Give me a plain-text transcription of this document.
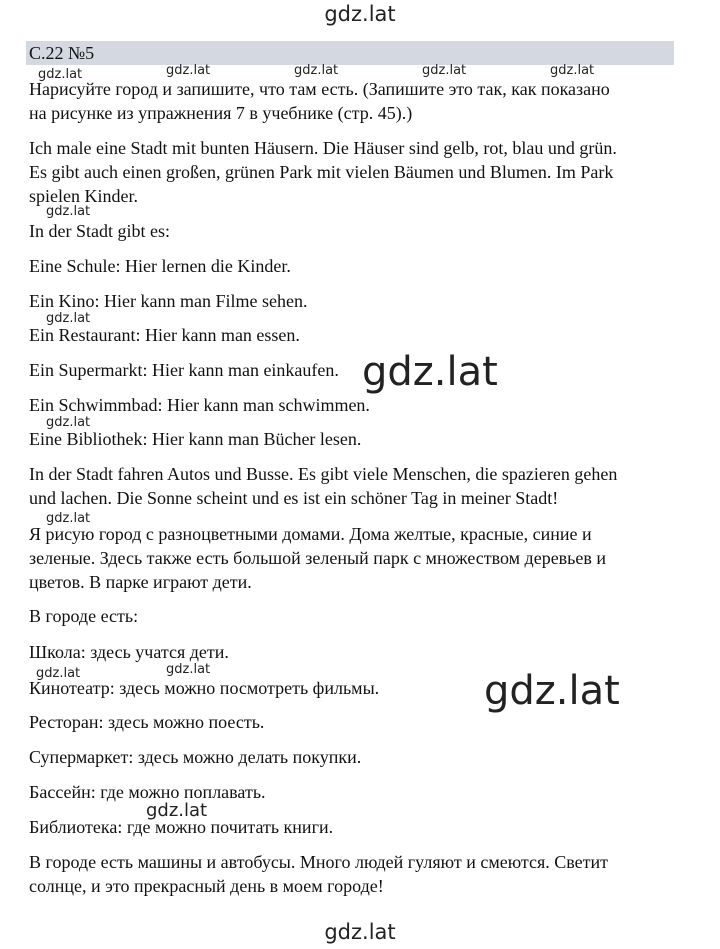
gdz.lat
С.22 №5
gdz.lat	gdz.lat	gdz.lat	gdz.lat	gdz.lat

Нарисуйте город и запишите, что там есть. (Запишите это так, как показано

на рисунке из упражнения 7 в учебнике (стр. 45).)

Ich male eine Stadt mit bunten Häusern. Die Häuser sind gelb, rot, blau und grün.

Es gibt auch einen großen, grünen Park mit vielen Bäumen und Blumen. Im Park

spielen Kinder.

gdz.lat

In der Stadt gibt es:

Eine Schule: Hier lernen die Kinder.

Ein Kino: Hier kann man Filme sehen.

gdz.lat

Ein Restaurant: Hier kann man essen.

Ein Supermarkt: Hier kann man einkaufen.

Ein Schwimmbad: Hier kann man schwimmen.

gdz.lat

Eine Bibliothek: Hier kann man Bücher lesen.

gdz.lat

In der Stadt fahren Autos und Busse. Es gibt viele Menschen, die spazieren gehen

und lachen. Die Sonne scheint und es ist ein schöner Tag in meiner Stadt!

gdz.lat

Я рисую город с разноцветными домами. Дома желтые, красные, синие и

зеленые. Здесь также есть большой зеленый парк с множеством деревьев и

цветов. В парке играют дети.

В городе есть:

Школа: здесь учатся дети.

gdz.lat	gdz.lat

Кинотеатр: здесь можно посмотреть фильмы.

Ресторан: здесь можно поесть.

Супермаркет: здесь можно делать покупки.

Бассейн: где можно поплавать.

gdz.lat

Библиотека: где можно почитать книги.

gdz.lat

В городе есть машины и автобусы. Много людей гуляют и смеются. Светит

солнце, и это прекрасный день в моем городе!

gdz.lat
